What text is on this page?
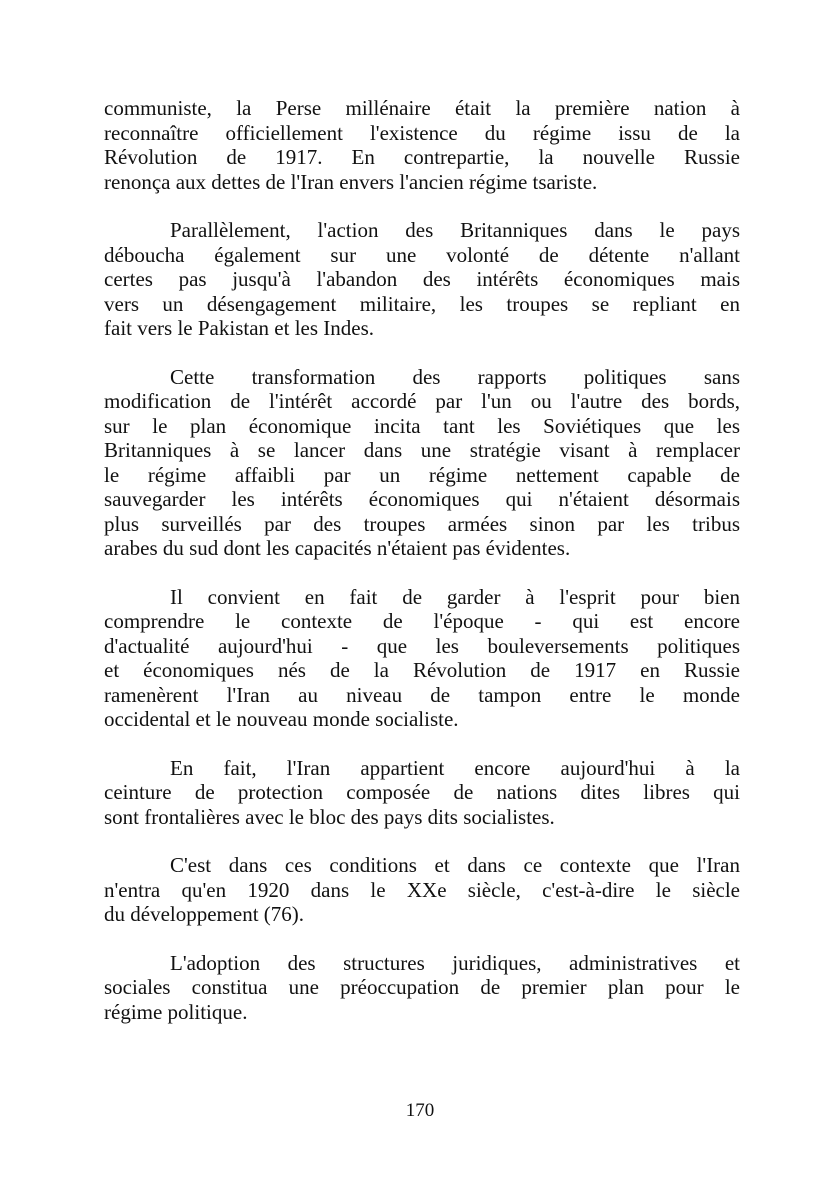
communiste, la Perse millénaire était la première nation à
reconnaître officiellement l'existence du régime issu de la
Révolution de 1917. En contrepartie, la nouvelle Russie
renonça aux dettes de l'Iran envers l'ancien régime tsariste.

Parallèlement, l'action des Britanniques dans le pays
déboucha également sur une volonté de détente n'allant
certes pas jusqu'à l'abandon des intérêts économiques mais
vers un désengagement militaire, les troupes se repliant en
fait vers le Pakistan et les Indes.

Cette transformation des rapports politiques sans
modification de l'intérêt accordé par l'un ou l'autre des bords,
sur le plan économique incita tant les Soviétiques que les
Britanniques à se lancer dans une stratégie visant à remplacer
le régime affaibli par un régime nettement capable de
sauvegarder les intérêts économiques qui n'étaient désormais
plus surveillés par des troupes armées sinon par les tribus
arabes du sud dont les capacités n'étaient pas évidentes.

Il convient en fait de garder à l'esprit pour bien
comprendre le contexte de l'époque - qui est encore
d'actualité aujourd'hui - que les bouleversements politiques
et économiques nés de la Révolution de 1917 en Russie
ramenèrent l'Iran au niveau de tampon entre le monde
occidental et le nouveau monde socialiste.

En fait, l'Iran appartient encore aujourd'hui à la
ceinture de protection composée de nations dites libres qui
sont frontalières avec le bloc des pays dits socialistes.

C'est dans ces conditions et dans ce contexte que l'Iran
n'entra qu'en 1920 dans le XXe siècle, c'est-à-dire le siècle
du développement (76).

L'adoption des structures juridiques, administratives et
sociales constitua une préoccupation de premier plan pour le
régime politique.

170
